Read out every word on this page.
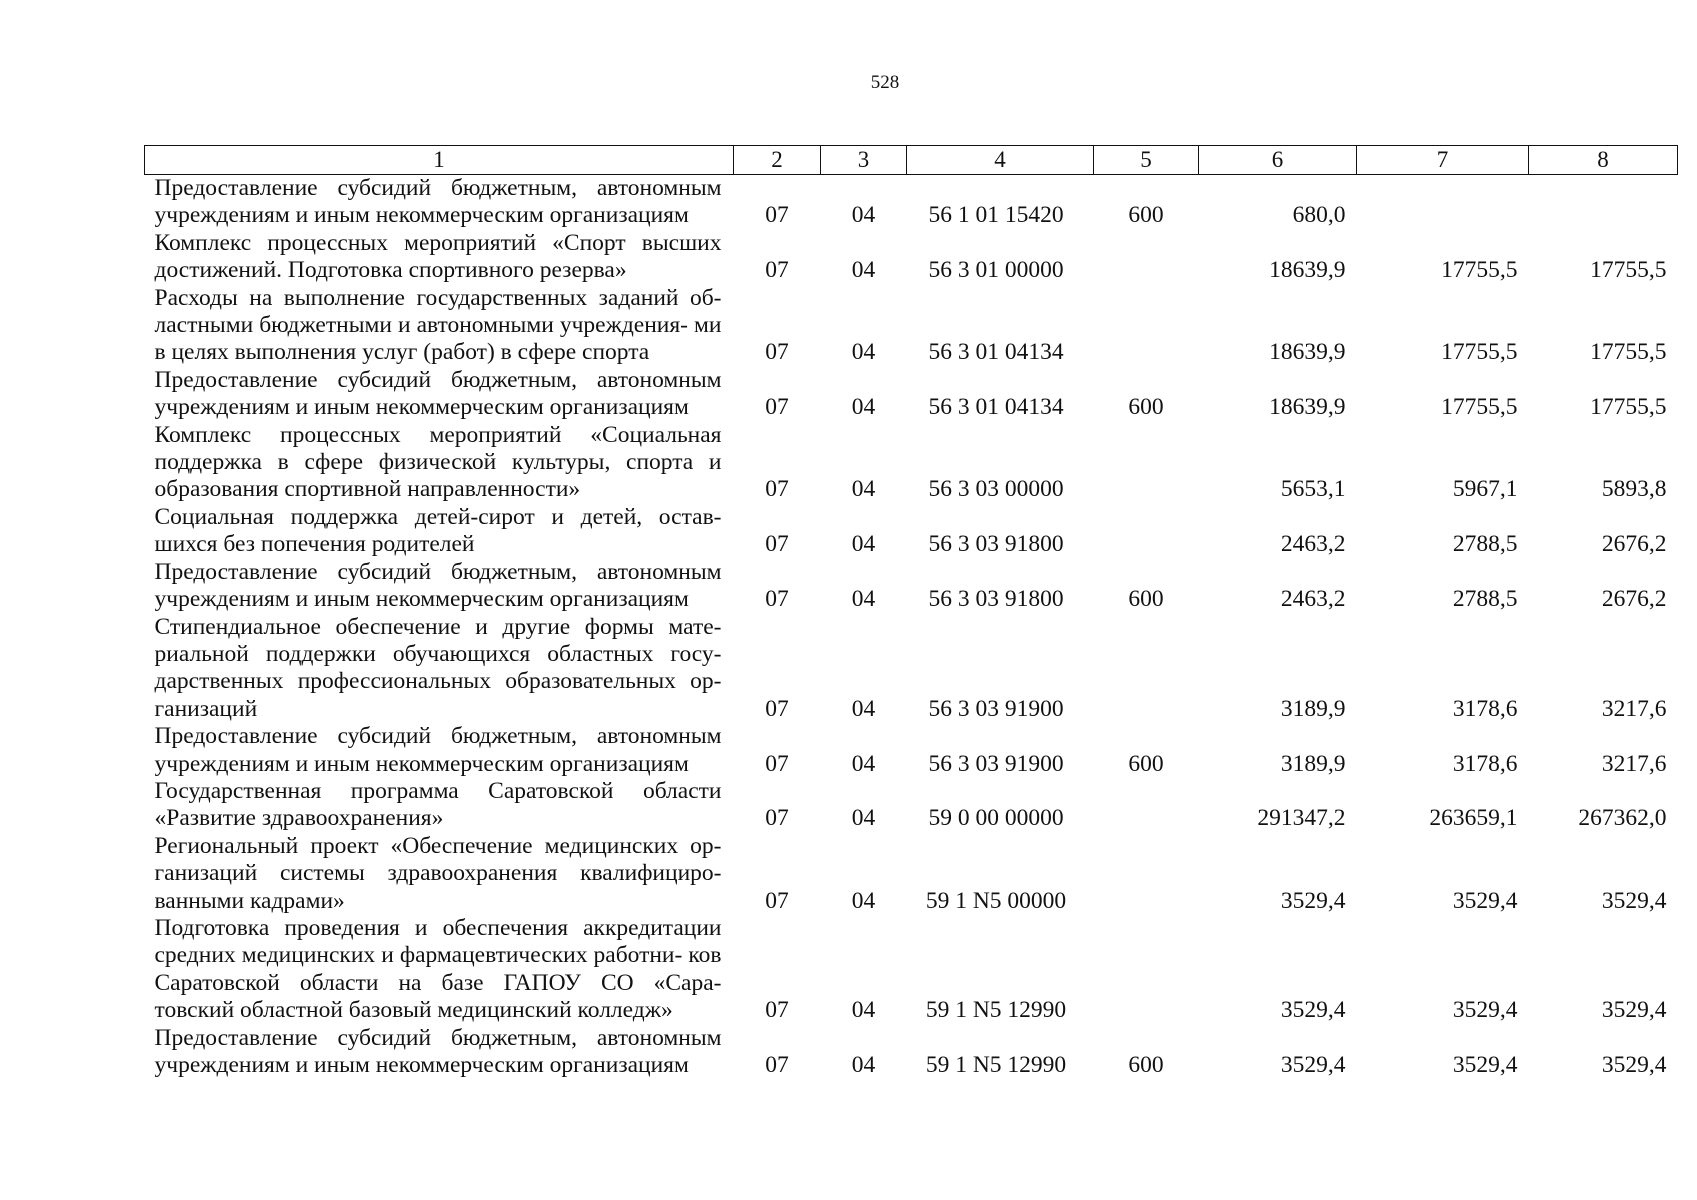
528
1	2	3	4	5	6	7	8
Предоставление субсидий бюджетным, автономным учреждениям и иным некоммерческим организациям	07	04	56 1 01 15420	600	680,0		
Комплекс процессных мероприятий «Спорт высших достижений. Подготовка спортивного резерва»	07	04	56 3 01 00000		18639,9	17755,5	17755,5
Расходы на выполнение государственных заданий об- ластными бюджетными и автономными учреждения- ми в целях выполнения услуг (работ) в сфере спорта	07	04	56 3 01 04134		18639,9	17755,5	17755,5
Предоставление субсидий бюджетным, автономным учреждениям и иным некоммерческим организациям	07	04	56 3 01 04134	600	18639,9	17755,5	17755,5
Комплекс процессных мероприятий «Социальная поддержка в сфере физической культуры, спорта и образования спортивной направленности»	07	04	56 3 03 00000		5653,1	5967,1	5893,8
Социальная поддержка детей-сирот и детей, остав- шихся без попечения родителей	07	04	56 3 03 91800		2463,2	2788,5	2676,2
Предоставление субсидий бюджетным, автономным учреждениям и иным некоммерческим организациям	07	04	56 3 03 91800	600	2463,2	2788,5	2676,2
Стипендиальное обеспечение и другие формы мате- риальной поддержки обучающихся областных госу- дарственных профессиональных образовательных ор- ганизаций	07	04	56 3 03 91900		3189,9	3178,6	3217,6
Предоставление субсидий бюджетным, автономным учреждениям и иным некоммерческим организациям	07	04	56 3 03 91900	600	3189,9	3178,6	3217,6
Государственная программа Саратовской области «Развитие здравоохранения»	07	04	59 0 00 00000		291347,2	263659,1	267362,0
Региональный проект «Обеспечение медицинских ор- ганизаций системы здравоохранения квалифициро- ванными кадрами»	07	04	59 1 N5 00000		3529,4	3529,4	3529,4
Подготовка проведения и обеспечения аккредитации средних медицинских и фармацевтических работни- ков Саратовской области на базе ГАПОУ СО «Сара- товский областной базовый медицинский колледж»	07	04	59 1 N5 12990		3529,4	3529,4	3529,4
Предоставление субсидий бюджетным, автономным учреждениям и иным некоммерческим организациям	07	04	59 1 N5 12990	600	3529,4	3529,4	3529,4
